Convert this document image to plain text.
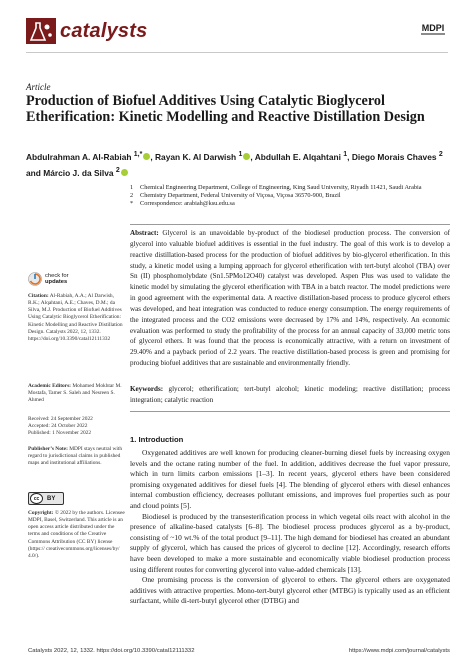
catalysts	MDPI
Article
Production of Biofuel Additives Using Catalytic Bioglycerol Etherification: Kinetic Modelling and Reactive Distillation Design
Abdulrahman A. Al-Rabiah $^{1,*}$ , Rayan K. Al Darwish $^1$ , Abdullah E. Alqahtani $^1$, Diego Morais Chaves $^2$
and Márcio J. da Silva $^2$
1	Chemical Engineering Department, College of Engineering, King Saud University, Riyadh 11421, Saudi Arabia
2	Chemistry Department, Federal University of Viçosa, Viçosa 36570-900, Brazil
*	Correspondence: arabiah@ksu.edu.sa
Abstract: Glycerol is an unavoidable by-product of the biodiesel production process. The conversion of glycerol into valuable biofuel additives is essential in the fuel industry. The goal of this work is to develop a reactive distillation-based process for the production of biofuel additives by bio-glycerol etherification. In this study, a kinetic model using a lumping approach for glycerol etherification with tert-butyl alcohol (TBA) over Sn (II) phosphomolybdate (Sn1.5PMo12O40) catalyst was developed. Aspen Plus was used to validate the kinetic model by simulating the glycerol etherification with TBA in a batch reactor. The model predictions were in good agreement with the experimental data. A reactive distillation-based process to produce glycerol ethers was developed, and heat integration was conducted to reduce energy consumption. The energy requirements of the integrated process and the CO2 emissions were decreased by 17% and 14%, respectively. An economic evaluation was performed to study the profitability of the process for an annual capacity of 33,000 metric tons of glycerol ethers. It was found that the process is economically attractive, with a return on investment of 29.40% and a payback period of 2.2 years. The reactive distillation-based process is green and promising for producing biofuel additives that are sustainable and environmentally friendly.
Keywords: glycerol; etherification; tert-butyl alcohol; kinetic modeling; reactive distillation; process integration; catalytic reaction
check for
updates
Citation: Al-Rabiah, A.A.; Al Darwish, R.K.; Alqahtani, A.E.; Chaves, D.M.; da Silva, M.J. Production of Biofuel Additives Using Catalytic Bioglycerol Etherification: Kinetic Modelling and Reactive Distillation Design. Catalysts 2022, 12, 1332. https://doi.org/10.3390/catal12111332
Academic Editors: Mohamed Mokhtar M. Mostafa, Tamer S. Saleh and Nesreen S. Ahmed
Received: 24 September 2022
Accepted: 24 October 2022
Published: 1 November 2022
Publisher’s Note: MDPI stays neutral with regard to jurisdictional claims in published maps and institutional affiliations.
cc	BY
Copyright: © 2022 by the authors. Licensee MDPI, Basel, Switzerland. This article is an open access article distributed under the terms and conditions of the Creative Commons Attribution (CC BY) license (https:// creativecommons.org/licenses/by/ 4.0/).
1. Introduction

Oxygenated additives are well known for producing cleaner-burning diesel fuels by increasing oxygen levels and the octane rating number of the fuel. In addition, additives decrease the fuel vapor pressure, which in turn limits carbon emissions [1–3]. In recent years, glycerol ethers have been considered promising oxygenated additives for diesel fuels [4]. The blending of glycerol ethers with diesel enhances internal combustion efficiency, decreases pollutant emissions, and improves fuel properties such as pour and cloud points [5].

Biodiesel is produced by the transesterification process in which vegetal oils react with alcohol in the presence of alkaline-based catalysts [6–8]. The biodiesel process produces glycerol as a by-product, consisting of ~10 wt.% of the total product [9–11]. The high demand for biodiesel has created an abundant supply of glycerol, which has caused the prices of glycerol to decline [12]. Accordingly, research efforts have been developed to make a more sustainable and economically viable biodiesel production process using different routes for converting glycerol into value-added chemicals [13].

One promising process is the conversion of glycerol to ethers. The glycerol ethers are oxygenated additives with attractive properties. Mono-tert-butyl glycerol ether (MTBG) is typically used as an efficient surfactant, while di-tert-butyl glycerol ether (DTBG) and

Catalysts 2022, 12, 1332. https://doi.org/10.3390/catal12111332	https://www.mdpi.com/journal/catalysts
